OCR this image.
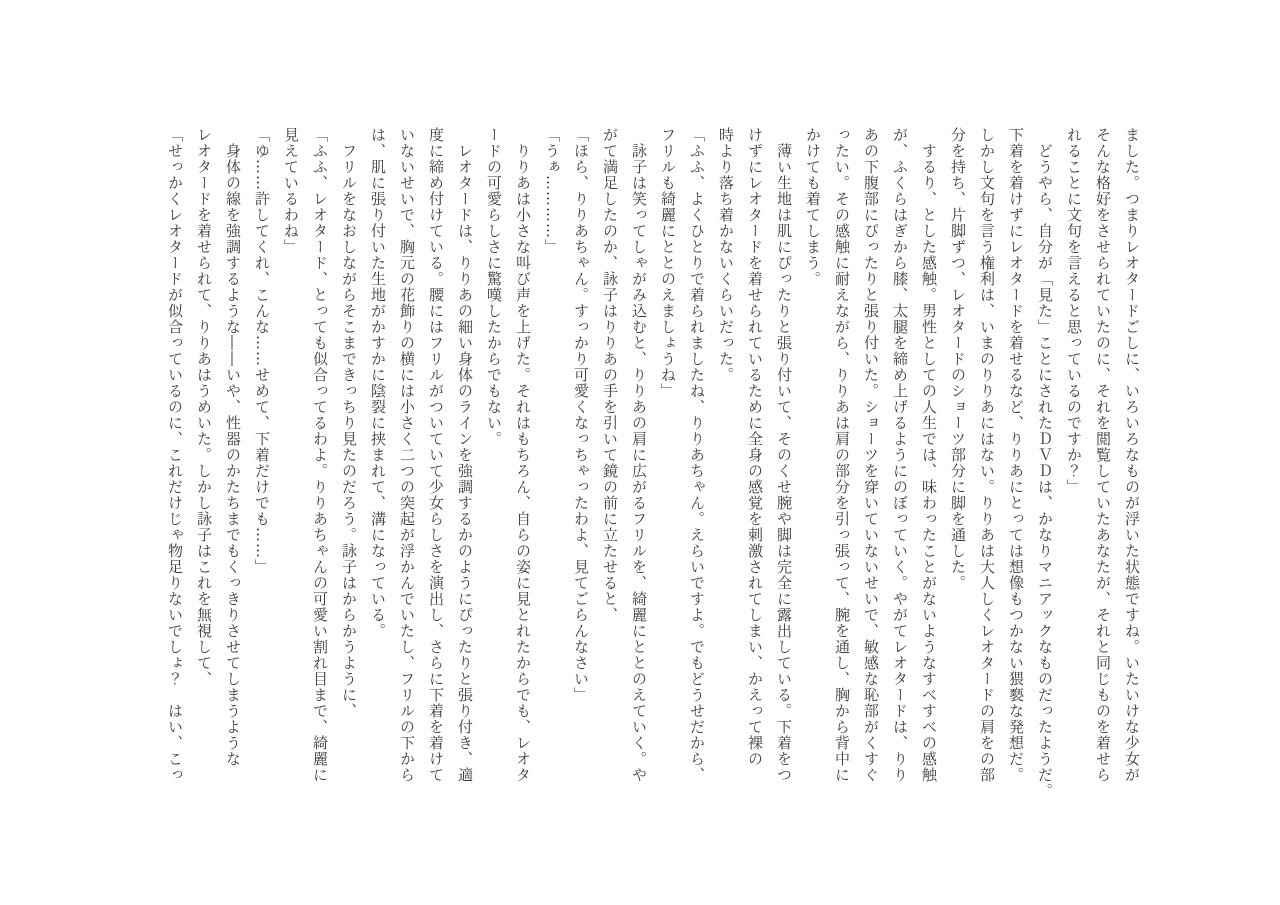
ました。つまりレオタードごしに、いろいろなものが浮いた状態ですね。いたいけな少女が
そんな格好をさせられていたのに、それを閲覧していたあなたが、それと同じものを着せら
れることに文句を言えると思っているのですか？」
どうやら、自分が「見た」ことにされたＤＶＤは、かなりマニアックなものだったようだ。
下着を着けずにレオタードを着せるなど、りりあにとっては想像もつかない猥褻な発想だ。
しかし文句を言う権利は、いまのりりあにはない。りりあは大人しくレオタードの肩をの部
分を持ち、片脚ずつ、レオタードのショーツ部分に脚を通した。
するり、とした感触。男性としての人生では、味わったことがないようなすべすべの感触
が、ふくらはぎから膝、太腿を締め上げるようにのぼっていく。やがてレオタードは、りり
あの下腹部にぴったりと張り付いた。ショーツを穿いていないせいで、敏感な恥部がくすぐ
ったい。その感触に耐えながら、りりあは肩の部分を引っ張って、腕を通し、胸から背中に
かけても着てしまう。
薄い生地は肌にぴったりと張り付いて、そのくせ腕や脚は完全に露出している。下着をつ
けずにレオタードを着せられているために全身の感覚を刺激されてしまい、かえって裸の
時より落ち着かないくらいだった。
「ふふ、よくひとりで着られましたね、りりあちゃん。えらいですよ。でもどうせだから、
フリルも綺麗にととのえましょうね」
詠子は笑ってしゃがみ込むと、りりあの肩に広がるフリルを、綺麗にととのえていく。や
がて満足したのか、詠子はりりあの手を引いて鏡の前に立たせると、
「ほら、りりあちゃん。すっかり可愛くなっちゃったわよ、見てごらんなさい」
「うぁ…………」
りりあは小さな叫び声を上げた。それはもちろん、自らの姿に見とれたからでも、レオタ
ードの可愛らしさに驚嘆したからでもない。
レオタードは、りりあの細い身体のラインを強調するかのようにぴったりと張り付き、適
度に締め付けている。腰にはフリルがついていて少女らしさを演出し、さらに下着を着けて
いないせいで、胸元の花飾りの横には小さく二つの突起が浮かんでいたし、フリルの下から
は、肌に張り付いた生地がかすかに陰裂に挟まれて、溝になっている。
フリルをなおしながらそこまできっちり見たのだろう。詠子はからかうように、
「ふふ、レオタード、とっても似合ってるわよ。りりあちゃんの可愛い割れ目まで、綺麗に
見えているわね」
「ゆ……許してくれ、こんな……せめて、下着だけでも……」
身体の線を強調するような――いや、性器のかたちまでもくっきりさせてしまうような
レオタードを着せられて、りりあはうめいた。しかし詠子はこれを無視して、
「せっかくレオタードが似合っているのに、これだけじゃ物足りないでしょ？　はい、こっ
